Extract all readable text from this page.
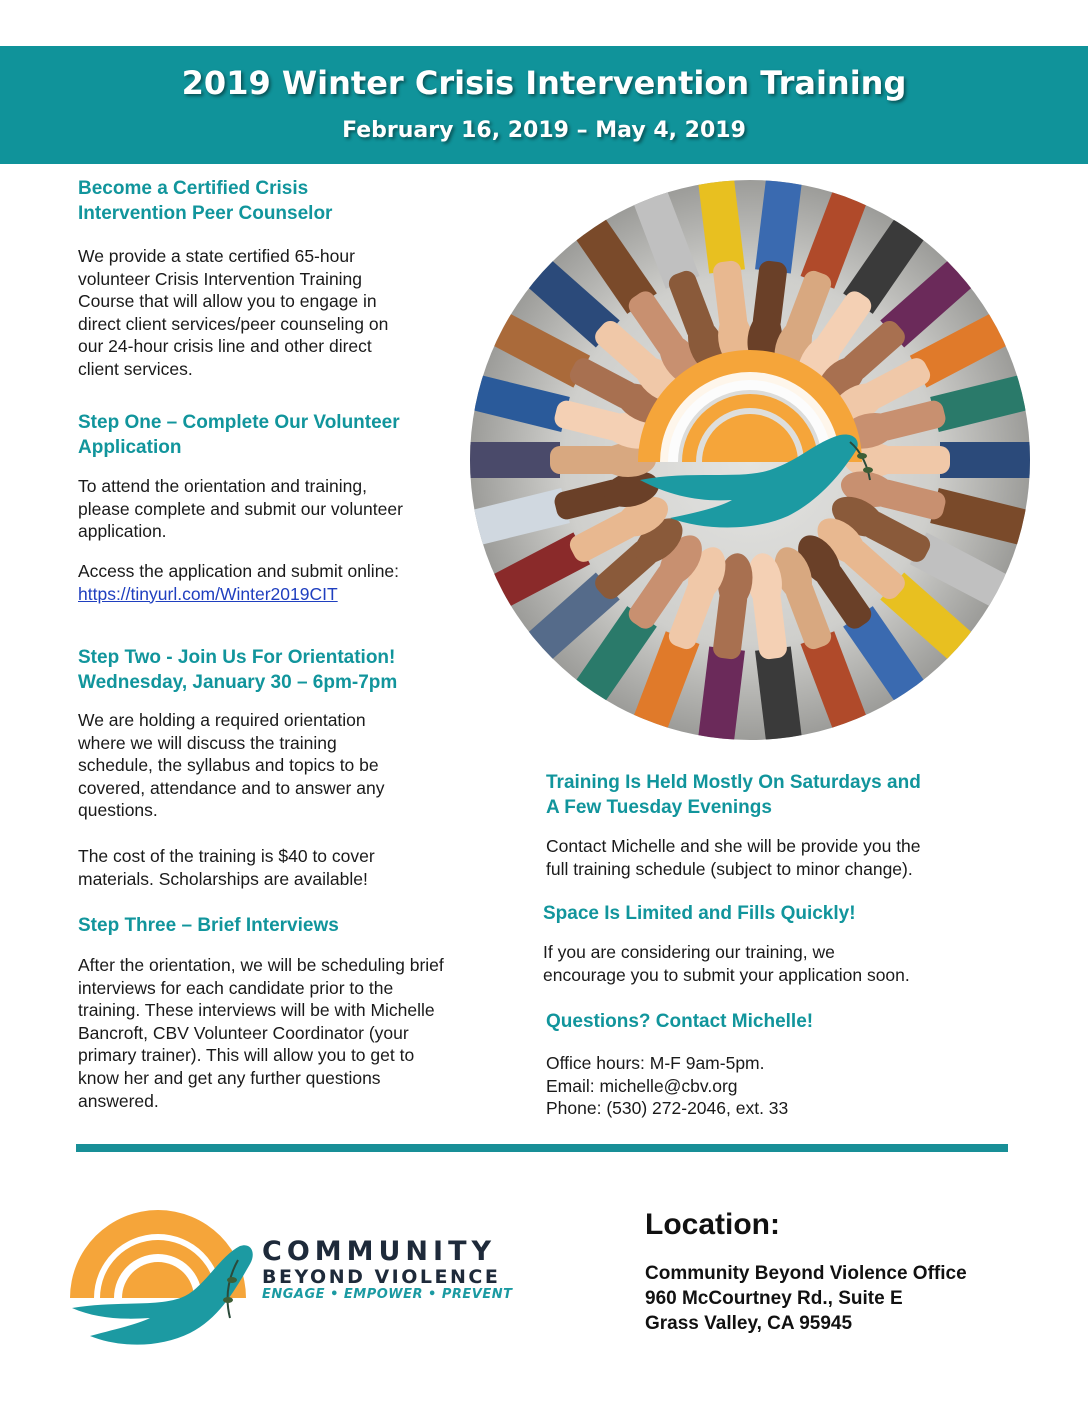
2019 Winter Crisis Intervention Training
February 16, 2019 – May 4, 2019
Become a Certified Crisis
Intervention Peer Counselor
We provide a state certified 65-hour
volunteer Crisis Intervention Training
Course that will allow you to engage in
direct client services/peer counseling on
our 24-hour crisis line and other direct
client services.
Step One – Complete Our Volunteer
Application
To attend the orientation and training,
please complete and submit our volunteer
application.
Access the application and submit online:
https://tinyurl.com/Winter2019CIT
Step Two - Join Us For Orientation!
Wednesday, January 30 – 6pm-7pm
We are holding a required orientation
where we will discuss the training
schedule, the syllabus and topics to be
covered, attendance and to answer any
questions.
The cost of the training is $40 to cover
materials. Scholarships are available!
Step Three – Brief Interviews
After the orientation, we will be scheduling brief
interviews for each candidate prior to the
training. These interviews will be with Michelle
Bancroft, CBV Volunteer Coordinator (your
primary trainer). This will allow you to get to
know her and get any further questions
answered.
Training Is Held Mostly On Saturdays and
A Few Tuesday Evenings
Contact Michelle and she will be provide you the
full training schedule (subject to minor change).
Space Is Limited and Fills Quickly!
If you are considering our training, we
encourage you to submit your application soon.
Questions? Contact Michelle!
Office hours: M-F 9am-5pm.
Email: michelle@cbv.org
Phone: (530) 272-2046, ext. 33
COMMUNITY
BEYOND VIOLENCE
ENGAGE • EMPOWER • PREVENT
Location:
Community Beyond Violence Office
960 McCourtney Rd., Suite E
Grass Valley, CA 95945
